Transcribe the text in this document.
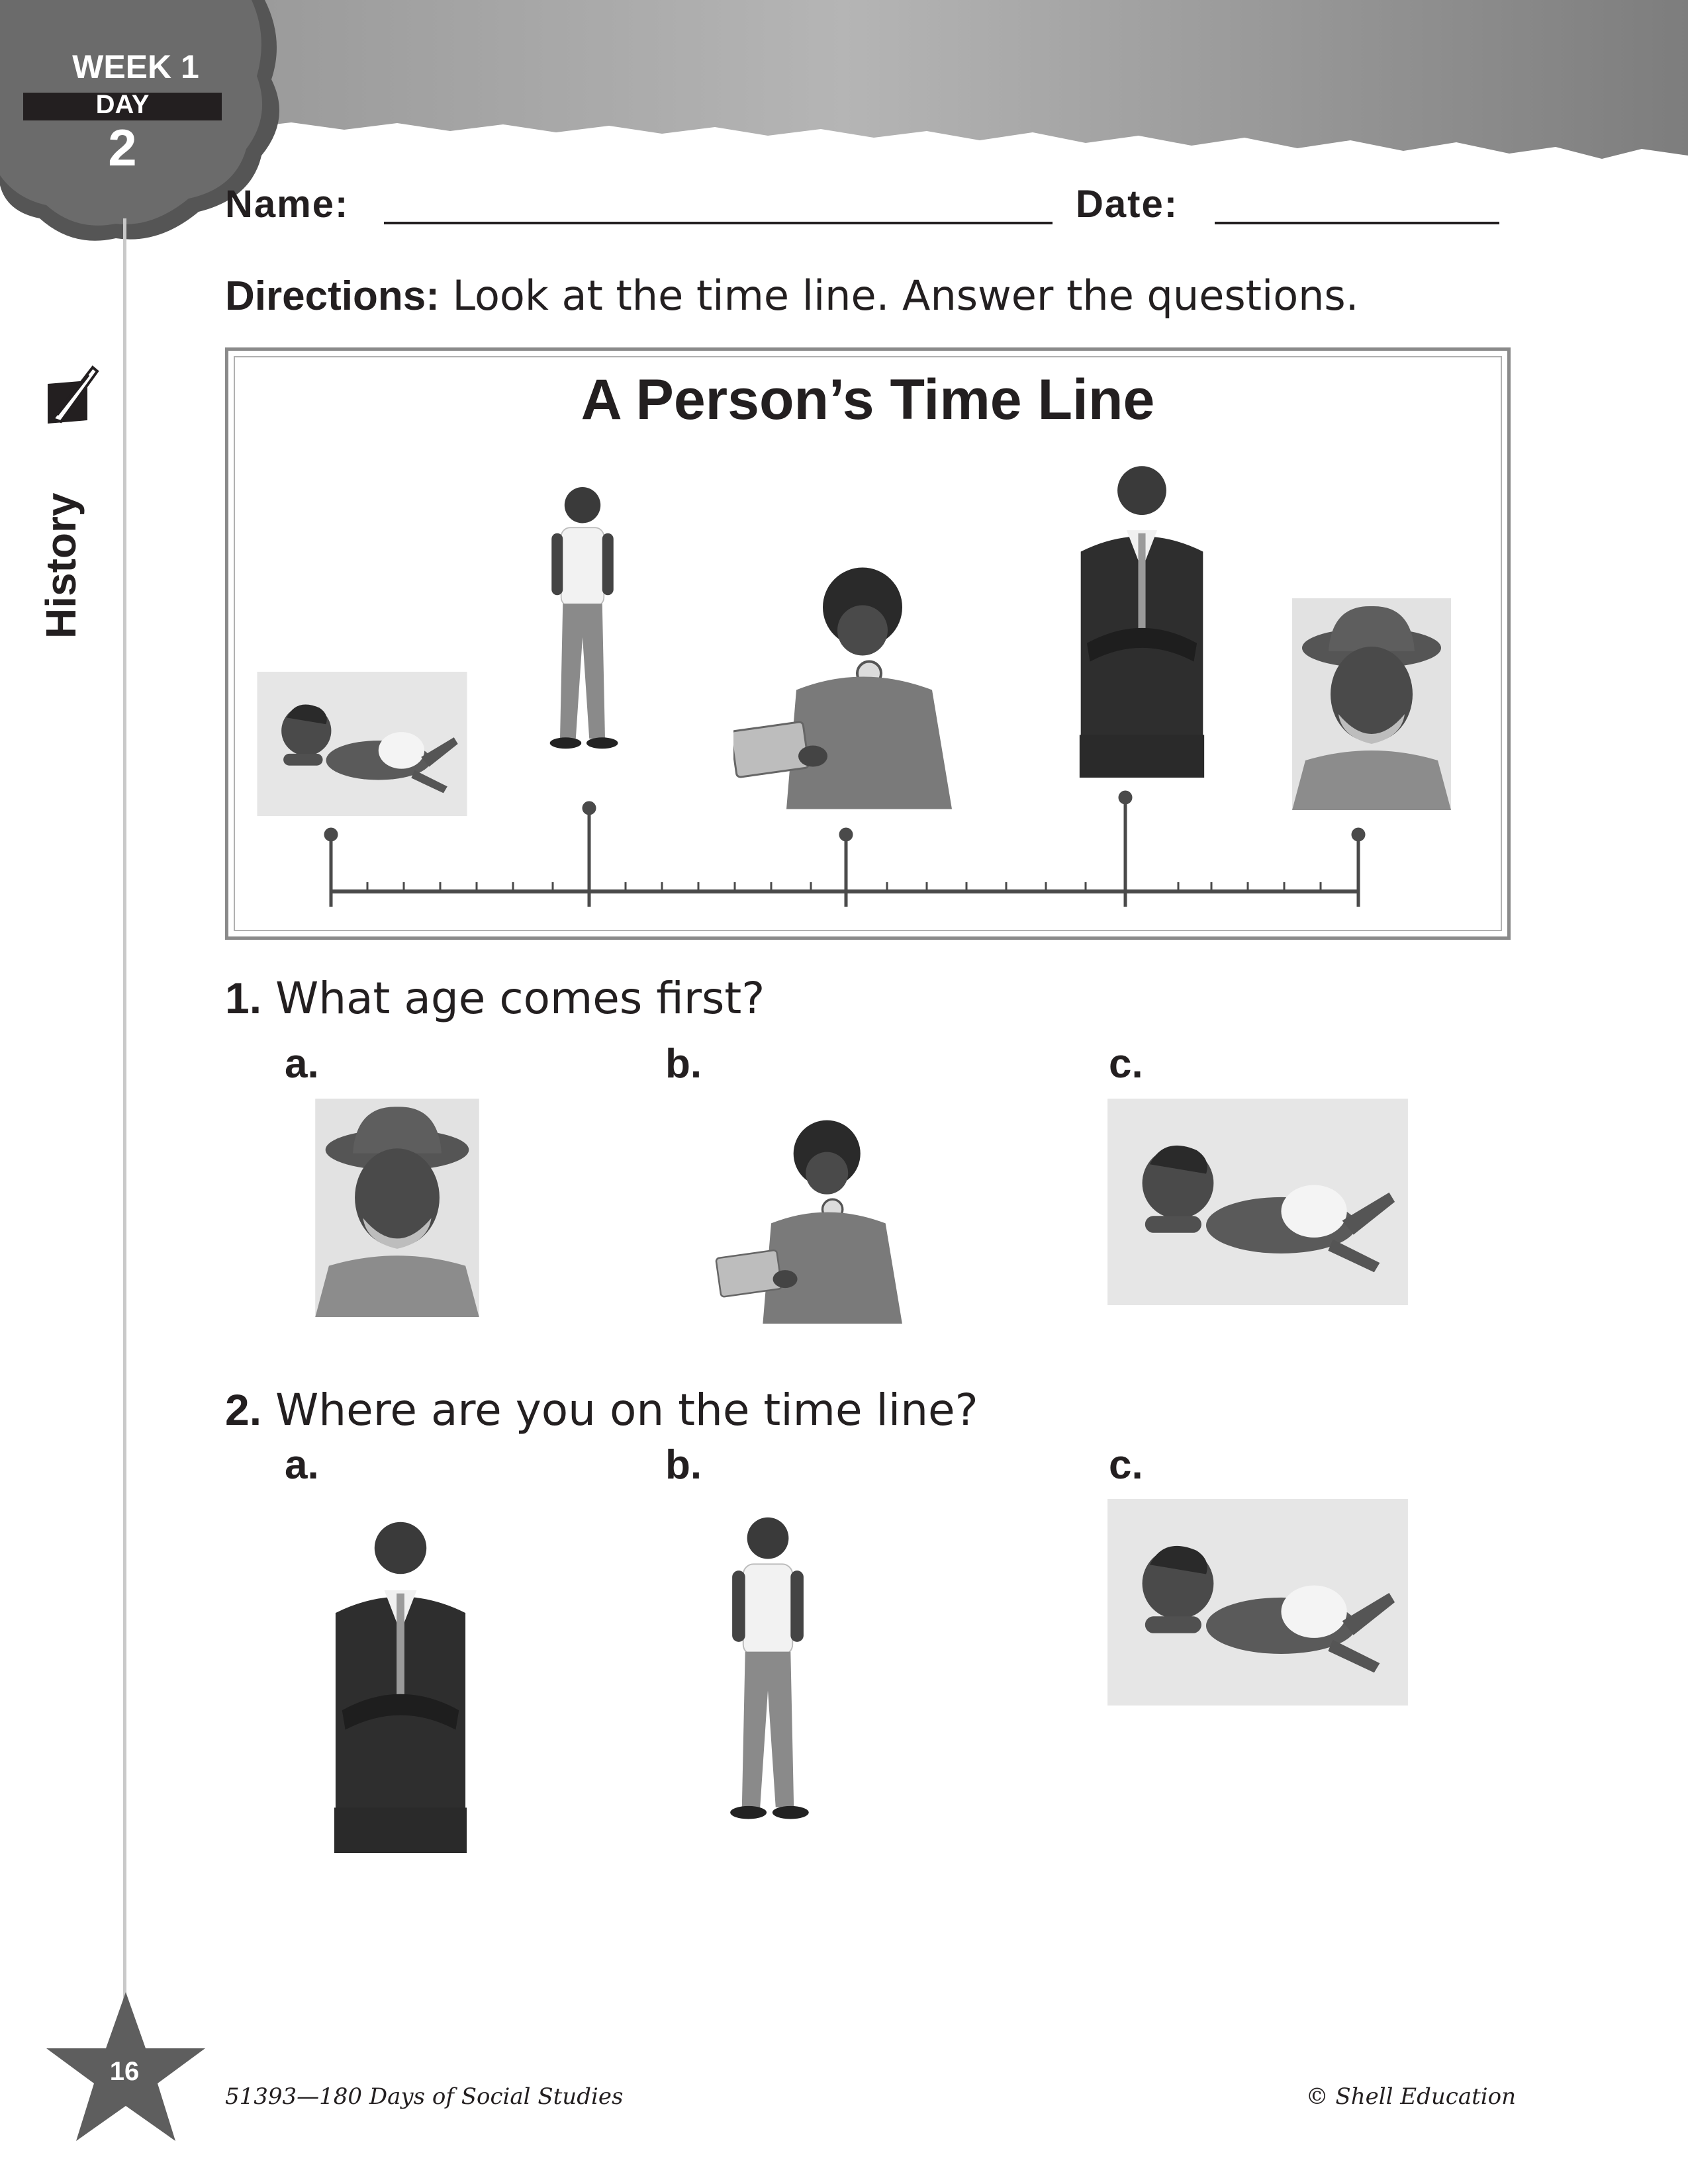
WEEK 1
DAY
2
History
Name:	Date:
Directions: Look at the time line. Answer the questions.
A Person’s Time Line
1. What age comes first?
a.	b.	c.
2. Where are you on the time line?
a.	b.	c.
16
51393—180 Days of Social Studies	© Shell Education
